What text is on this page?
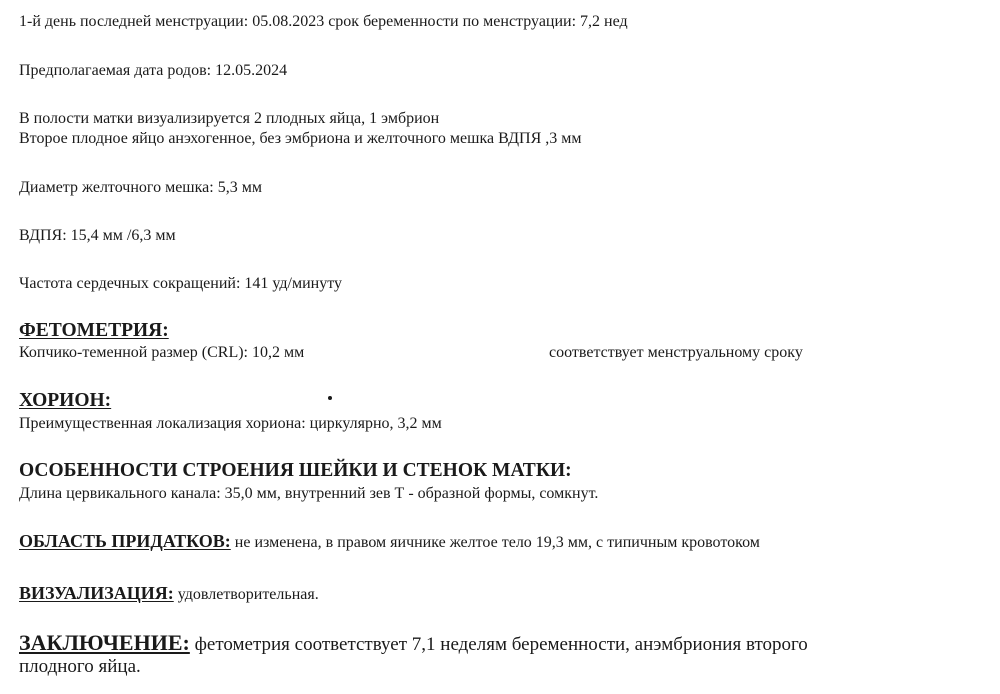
1-й день последней менструации: 05.08.2023 срок беременности по менструации: 7,2 нед
Предполагаемая дата родов: 12.05.2024
В полости матки визуализируется 2 плодных яйца, 1 эмбрион
Второе плодное яйцо анэхогенное, без эмбриона и желточного мешка ВДПЯ ,3 мм
Диаметр желточного мешка: 5,3 мм
ВДПЯ: 15,4 мм /6,3 мм
Частота сердечных сокращений: 141 уд/минуту
ФЕТОМЕТРИЯ:
Копчико-теменной размер (CRL): 10,2 мм	соответствует менструальному сроку
ХОРИОН:
Преимущественная локализация хориона: циркулярно, 3,2 мм
ОСОБЕННОСТИ СТРОЕНИЯ ШЕЙКИ И СТЕНОК МАТКИ:
Длина цервикального канала: 35,0 мм, внутренний зев Т - образной формы, сомкнут.
ОБЛАСТЬ ПРИДАТКОВ: не изменена, в правом яичнике желтое тело 19,3 мм, с типичным кровотоком
ВИЗУАЛИЗАЦИЯ: удовлетворительная.
ЗАКЛЮЧЕНИЕ: фетометрия соответствует 7,1 неделям беременности, анэмбриония второго
плодного яйца.
